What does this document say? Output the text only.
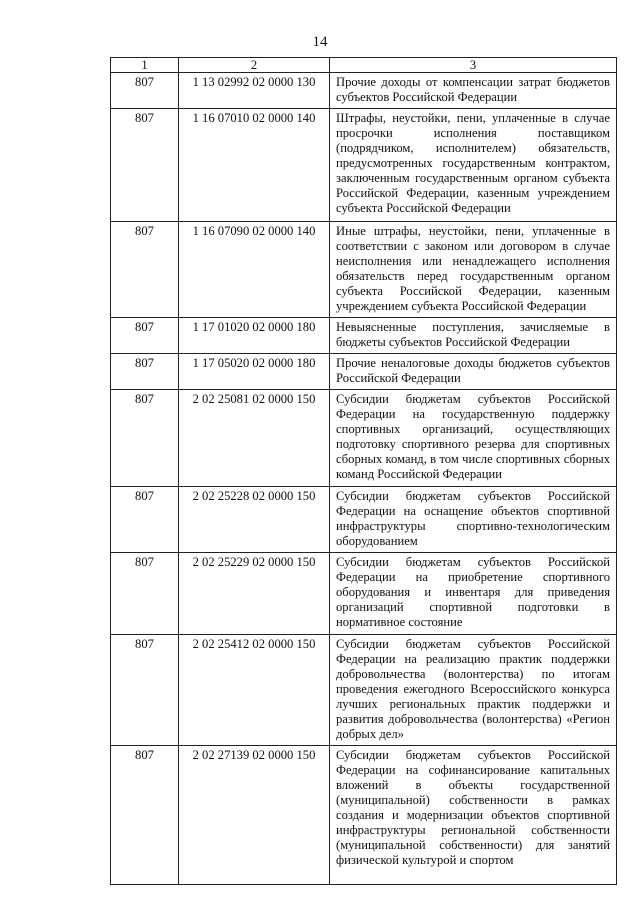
14
1	2	3
807	1 13 02992 02 0000 130	Прочие доходы от компенсации затрат бюджетов субъектов Российской Федерации
807	1 16 07010 02 0000 140	Штрафы, неустойки, пени, уплаченные в случае просрочки исполнения поставщиком (подрядчиком, исполнителем) обязательств, предусмотренных государственным контрактом, заключенным государственным органом субъекта Российской Федерации, казенным учреждением субъекта Российской Федерации
807	1 16 07090 02 0000 140	Иные штрафы, неустойки, пени, уплаченные в соответствии с законом или договором в случае неисполнения или ненадлежащего исполнения обязательств перед государственным органом субъекта Российской Федерации, казенным учреждением субъекта Российской Федерации
807	1 17 01020 02 0000 180	Невыясненные поступления, зачисляемые в бюджеты субъектов Российской Федерации
807	1 17 05020 02 0000 180	Прочие неналоговые доходы бюджетов субъектов Российской Федерации
807	2 02 25081 02 0000 150	Субсидии бюджетам субъектов Российской Федерации на государственную поддержку спортивных организаций, осуществляющих подготовку спортивного резерва для спортивных сборных команд, в том числе спортивных сборных команд Российской Федерации
807	2 02 25228 02 0000 150	Субсидии бюджетам субъектов Российской Федерации на оснащение объектов спортивной инфраструктуры спортивно-технологическим оборудованием
807	2 02 25229 02 0000 150	Субсидии бюджетам субъектов Российской Федерации на приобретение спортивного оборудования и инвентаря для приведения организаций спортивной подготовки в нормативное состояние
807	2 02 25412 02 0000 150	Субсидии бюджетам субъектов Российской Федерации на реализацию практик поддержки добровольчества (волонтерства) по итогам проведения ежегодного Всероссийского конкурса лучших региональных практик поддержки и развития добровольчества (волонтерства) «Регион добрых дел»
807	2 02 27139 02 0000 150	Субсидии бюджетам субъектов Российской Федерации на софинансирование капитальных вложений в объекты государственной (муниципальной) собственности в рамках создания и модернизации объектов спортивной инфраструктуры региональной собственности (муниципальной собственности) для занятий физической культурой и спортом
